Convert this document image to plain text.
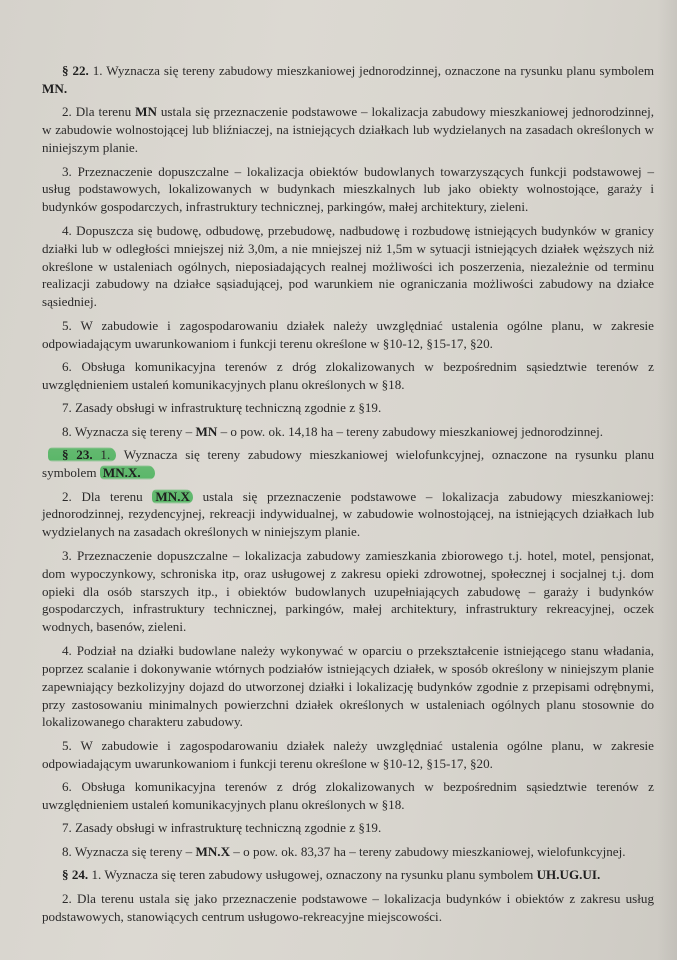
§ 22. 1. Wyznacza się tereny zabudowy mieszkaniowej jednorodzinnej, oznaczone na rysunku planu symbolem MN.

2. Dla terenu MN ustala się przeznaczenie podstawowe – lokalizacja zabudowy mieszkaniowej jednorodzinnej, w zabudowie wolnostojącej lub bliźniaczej, na istniejących działkach lub wydzielanych na zasadach określonych w niniejszym planie.

3. Przeznaczenie dopuszczalne – lokalizacja obiektów budowlanych towarzyszących funkcji podstawowej – usług podstawowych, lokalizowanych w budynkach mieszkalnych lub jako obiekty wolnostojące, garaży i budynków gospodarczych, infrastruktury technicznej, parkingów, małej architektury, zieleni.

4. Dopuszcza się budowę, odbudowę, przebudowę, nadbudowę i rozbudowę istniejących budynków w granicy działki lub w odległości mniejszej niż 3,0m, a nie mniejszej niż 1,5m w sytuacji istniejących działek węższych niż określone w ustaleniach ogólnych, nieposiadających realnej możliwości ich poszerzenia, niezależnie od terminu realizacji zabudowy na działce sąsiadującej, pod warunkiem nie ograniczania możliwości zabudowy na działce sąsiedniej.

5. W zabudowie i zagospodarowaniu działek należy uwzględniać ustalenia ogólne planu, w zakresie odpowiadającym uwarunkowaniom i funkcji terenu określone w §10-12, §15-17, §20.

6. Obsługa komunikacyjna terenów z dróg zlokalizowanych w bezpośrednim sąsiedztwie terenów z uwzględnieniem ustaleń komunikacyjnych planu określonych w §18.

7. Zasady obsługi w infrastrukturę techniczną zgodnie z §19.

8. Wyznacza się tereny – MN – o pow. ok. 14,18 ha – tereny zabudowy mieszkaniowej jednorodzinnej.

§ 23. 1. Wyznacza się tereny zabudowy mieszkaniowej wielofunkcyjnej, oznaczone na rysunku planu symbolem MN.X.

2. Dla terenu MN.X ustala się przeznaczenie podstawowe – lokalizacja zabudowy mieszkaniowej: jednorodzinnej, rezydencyjnej, rekreacji indywidualnej, w zabudowie wolnostojącej, na istniejących działkach lub wydzielanych na zasadach określonych w niniejszym planie.

3. Przeznaczenie dopuszczalne – lokalizacja zabudowy zamieszkania zbiorowego t.j. hotel, motel, pensjonat, dom wypoczynkowy, schroniska itp, oraz usługowej z zakresu opieki zdrowotnej, społecznej i socjalnej t.j. dom opieki dla osób starszych itp., i obiektów budowlanych uzupełniających zabudowę – garaży i budynków gospodarczych, infrastruktury technicznej, parkingów, małej architektury, infrastruktury rekreacyjnej, oczek wodnych, basenów, zieleni.

4. Podział na działki budowlane należy wykonywać w oparciu o przekształcenie istniejącego stanu władania, poprzez scalanie i dokonywanie wtórnych podziałów istniejących działek, w sposób określony w niniejszym planie zapewniający bezkolizyjny dojazd do utworzonej działki i lokalizację budynków zgodnie z przepisami odrębnymi, przy zastosowaniu minimalnych powierzchni działek określonych w ustaleniach ogólnych planu stosownie do lokalizowanego charakteru zabudowy.

5. W zabudowie i zagospodarowaniu działek należy uwzględniać ustalenia ogólne planu, w zakresie odpowiadającym uwarunkowaniom i funkcji terenu określone w §10-12, §15-17, §20.

6. Obsługa komunikacyjna terenów z dróg zlokalizowanych w bezpośrednim sąsiedztwie terenów z uwzględnieniem ustaleń komunikacyjnych planu określonych w §18.

7. Zasady obsługi w infrastrukturę techniczną zgodnie z §19.

8. Wyznacza się tereny – MN.X – o pow. ok. 83,37 ha – tereny zabudowy mieszkaniowej, wielofunkcyjnej.

§ 24. 1. Wyznacza się teren zabudowy usługowej, oznaczony na rysunku planu symbolem UH.UG.UI.

2. Dla terenu ustala się jako przeznaczenie podstawowe – lokalizacja budynków i obiektów z zakresu usług podstawowych, stanowiących centrum usługowo-rekreacyjne miejscowości.
